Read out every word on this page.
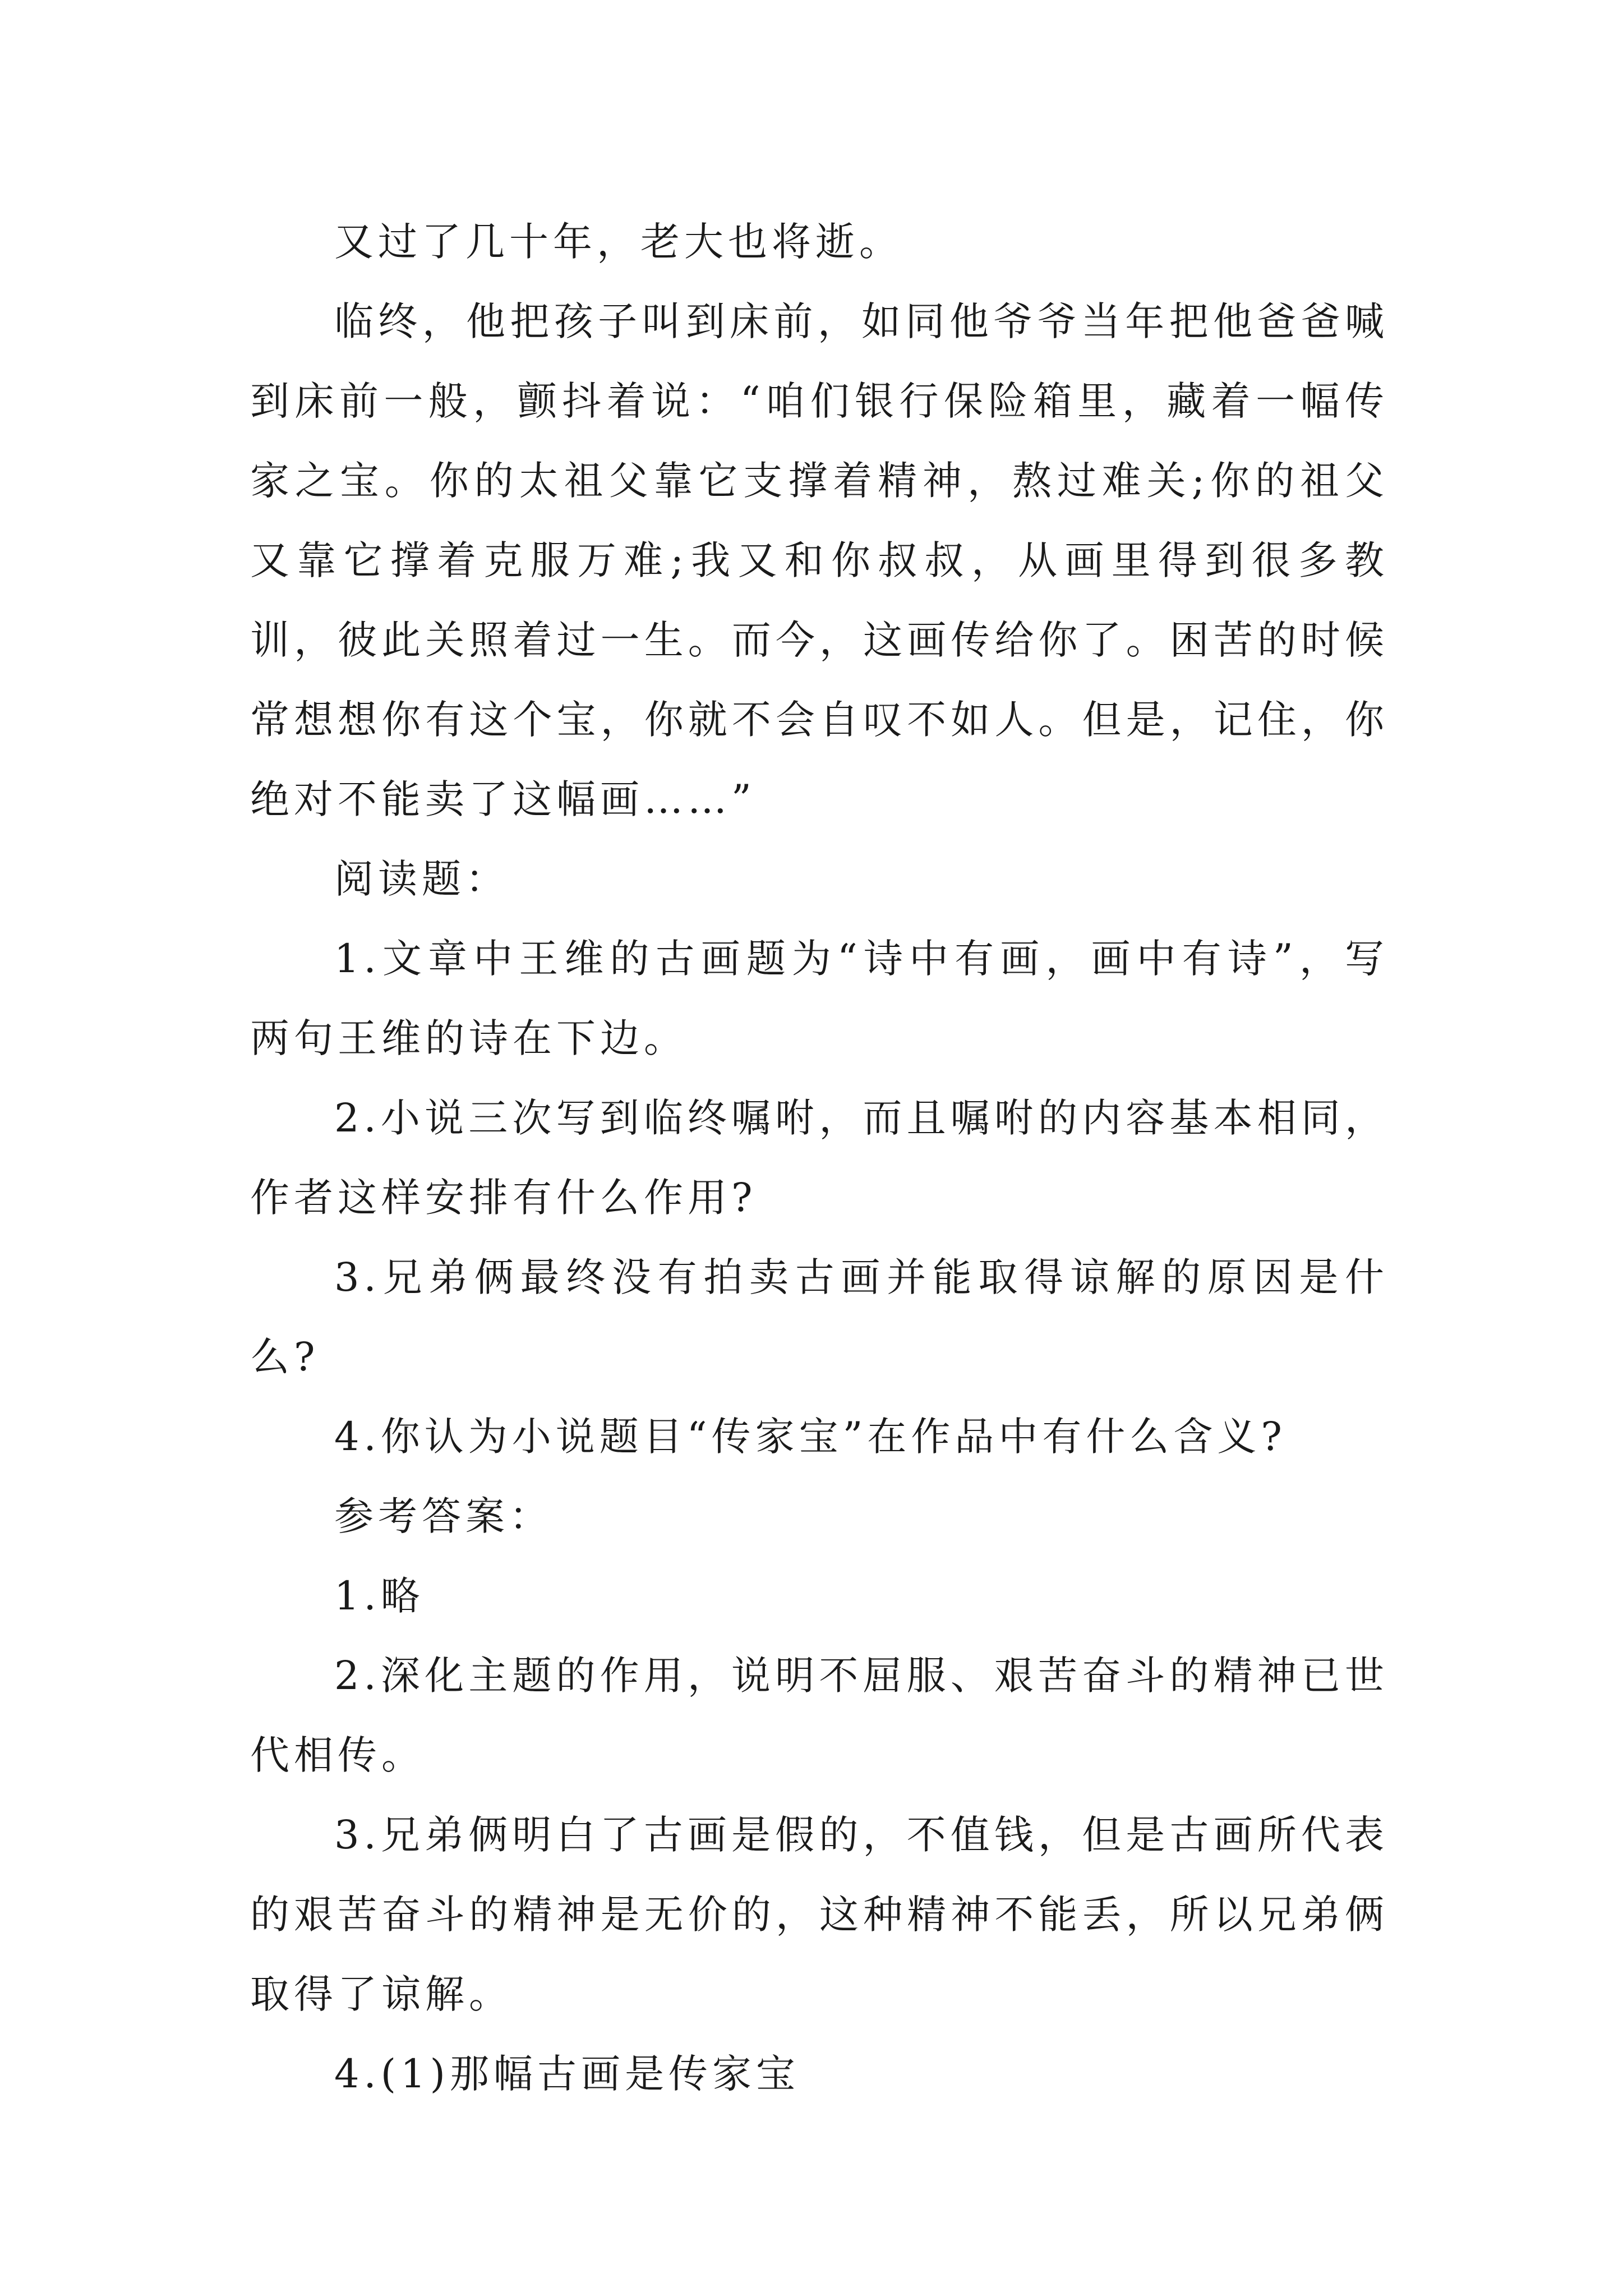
又过了几十年，老大也将逝。

临终，他把孩子叫到床前，如同他爷爷当年把他爸爸喊到床前一般，颤抖着说：“咱们银行保险箱里，藏着一幅传家之宝。你的太祖父靠它支撑着精神，熬过难关;你的祖父又靠它撑着克服万难;我又和你叔叔，从画里得到很多教训，彼此关照着过一生。而今，这画传给你了。困苦的时候常想想你有这个宝，你就不会自叹不如人。但是，记住，你绝对不能卖了这幅画……”

阅读题：

1.文章中王维的古画题为“诗中有画，画中有诗”，写两句王维的诗在下边。

2.小说三次写到临终嘱咐，而且嘱咐的内容基本相同，作者这样安排有什么作用?

3.兄弟俩最终没有拍卖古画并能取得谅解的原因是什么?

4.你认为小说题目“传家宝”在作品中有什么含义?

参考答案：

1.略

2.深化主题的作用，说明不屈服、艰苦奋斗的精神已世代相传。

3.兄弟俩明白了古画是假的，不值钱，但是古画所代表的艰苦奋斗的精神是无价的，这种精神不能丢，所以兄弟俩取得了谅解。

4.(1)那幅古画是传家宝
